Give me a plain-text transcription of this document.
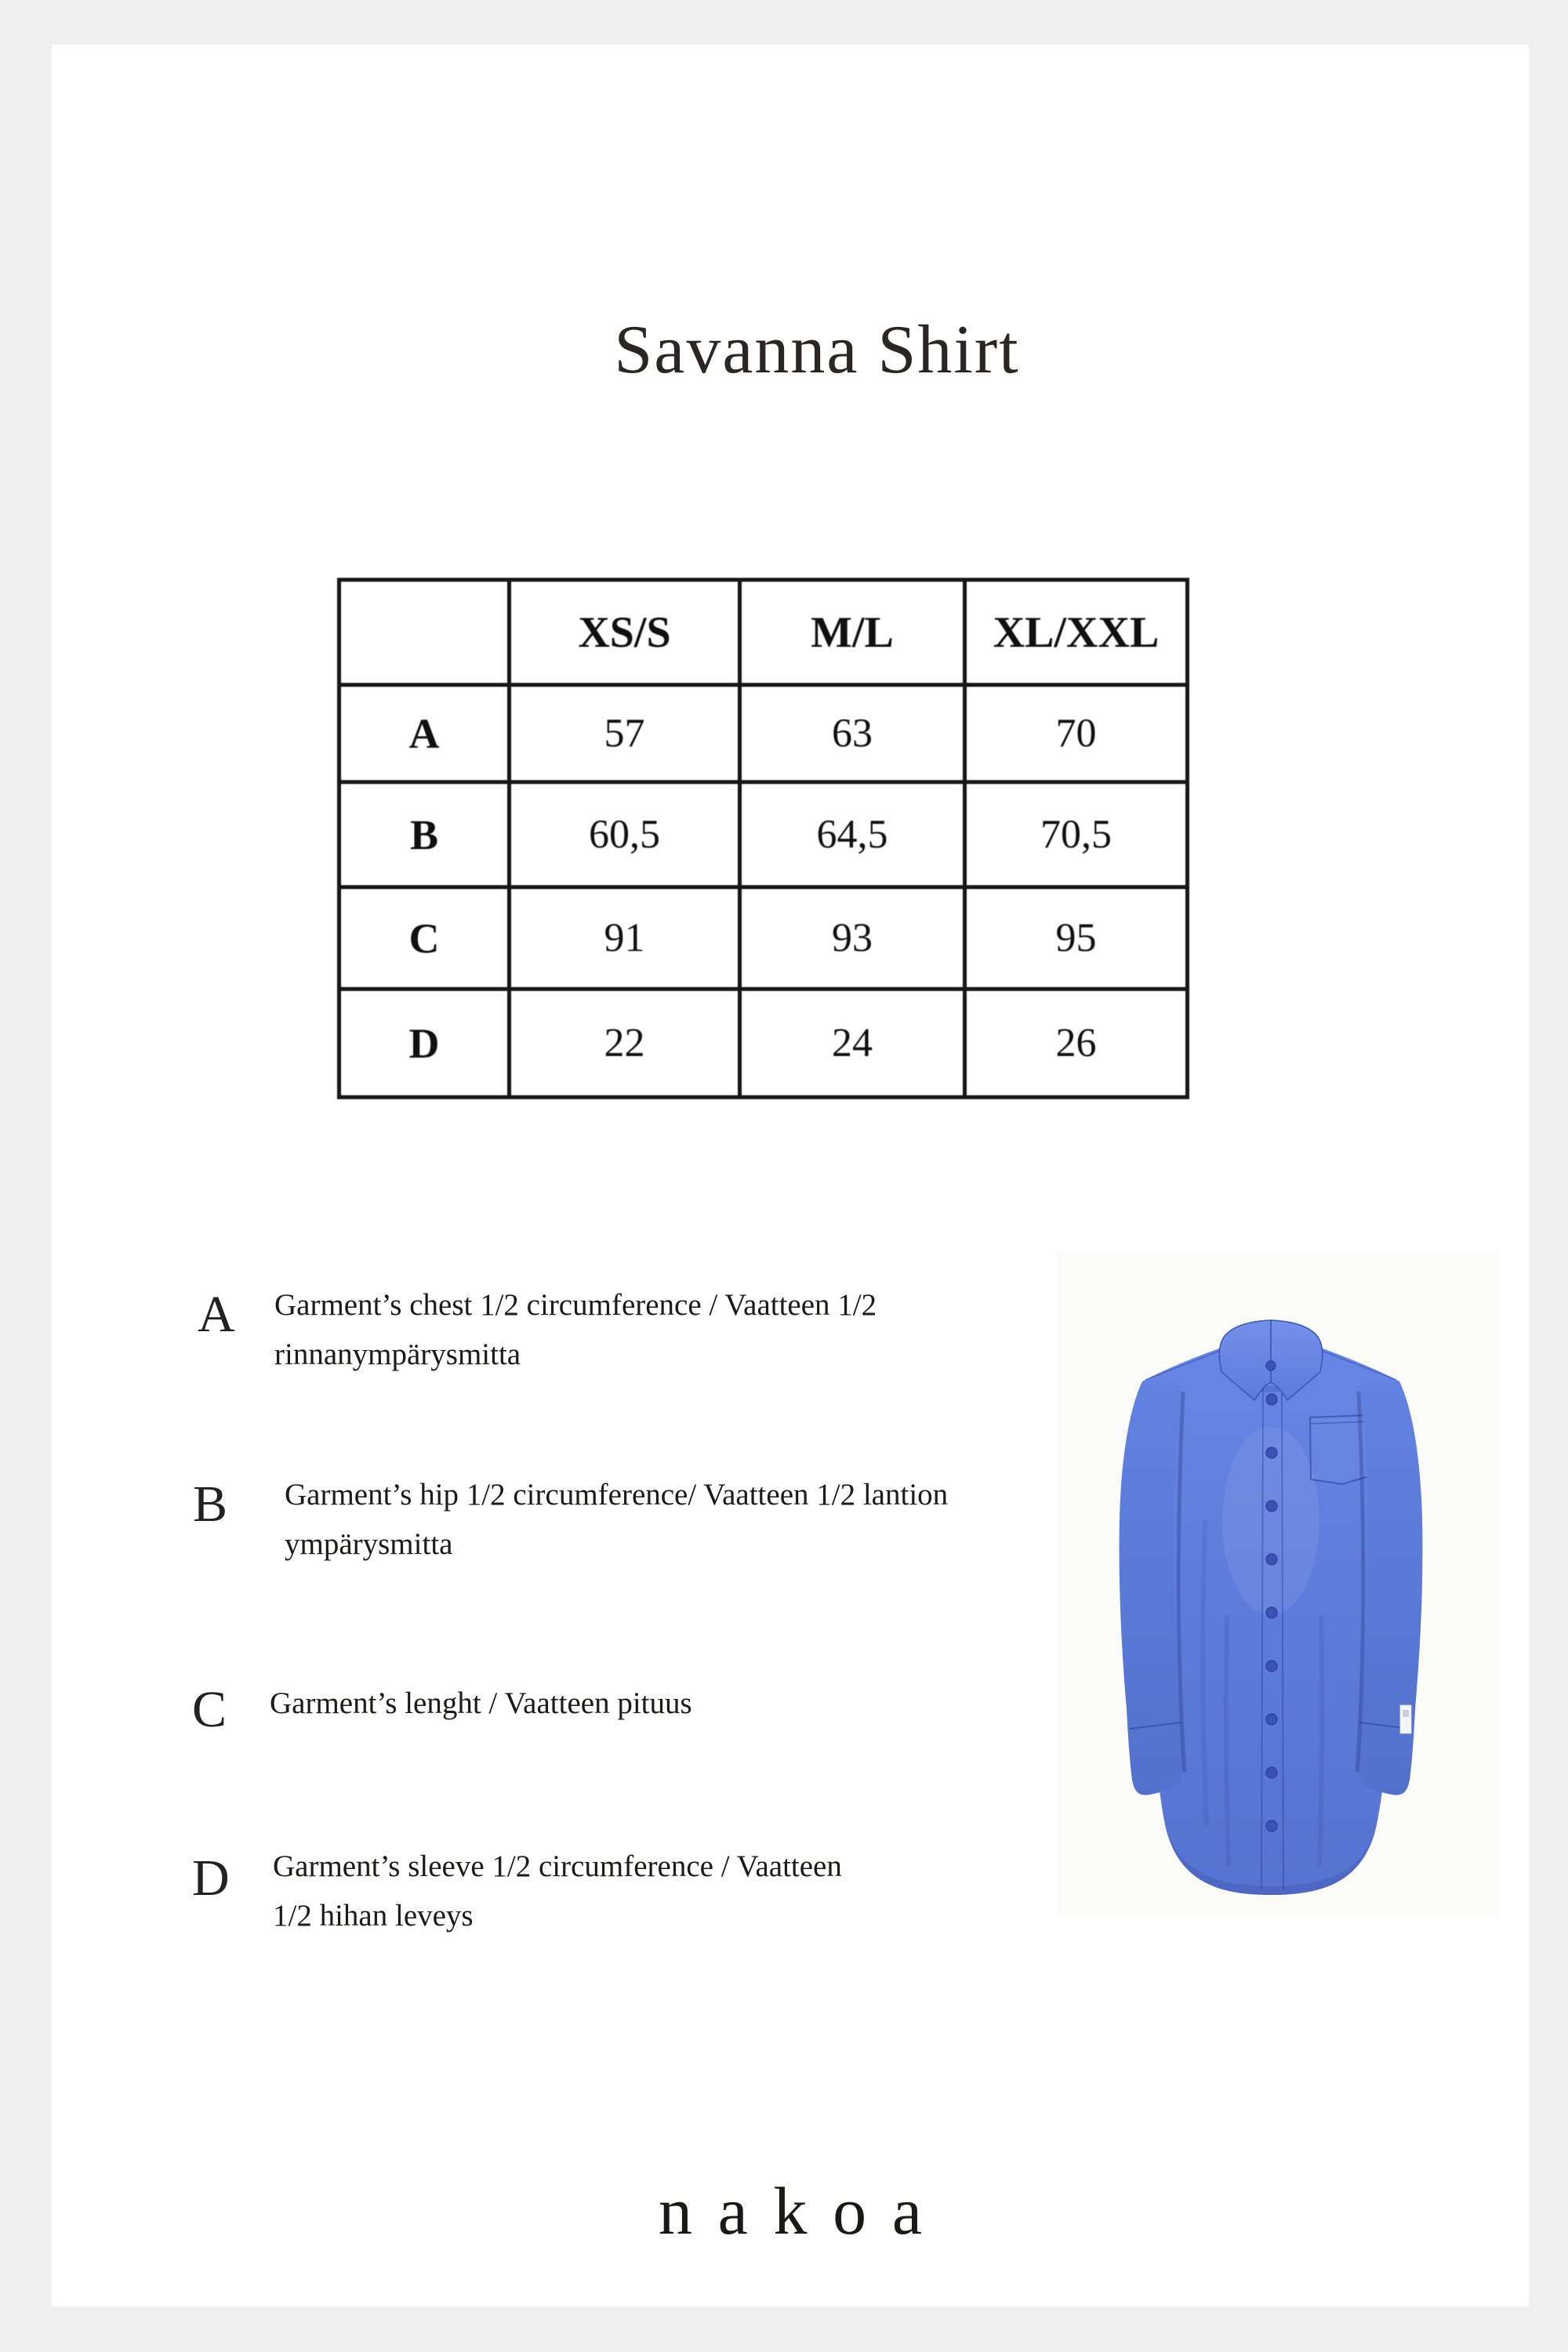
Savanna Shirt
	XS/S	M/L	XL/XXL
A	57	63	70
B	60,5	64,5	70,5
C	91	93	95
D	22	24	26
A Garment’s chest 1/2 circumference / Vaatteen 1/2
rinnanympärysmitta
B Garment’s hip 1/2 circumference/ Vaatteen 1/2 lantion
ympärysmitta
C Garment’s lenght / Vaatteen pituus
D Garment’s sleeve 1/2 circumference / Vaatteen
1/2 hihan leveys
nakoa
